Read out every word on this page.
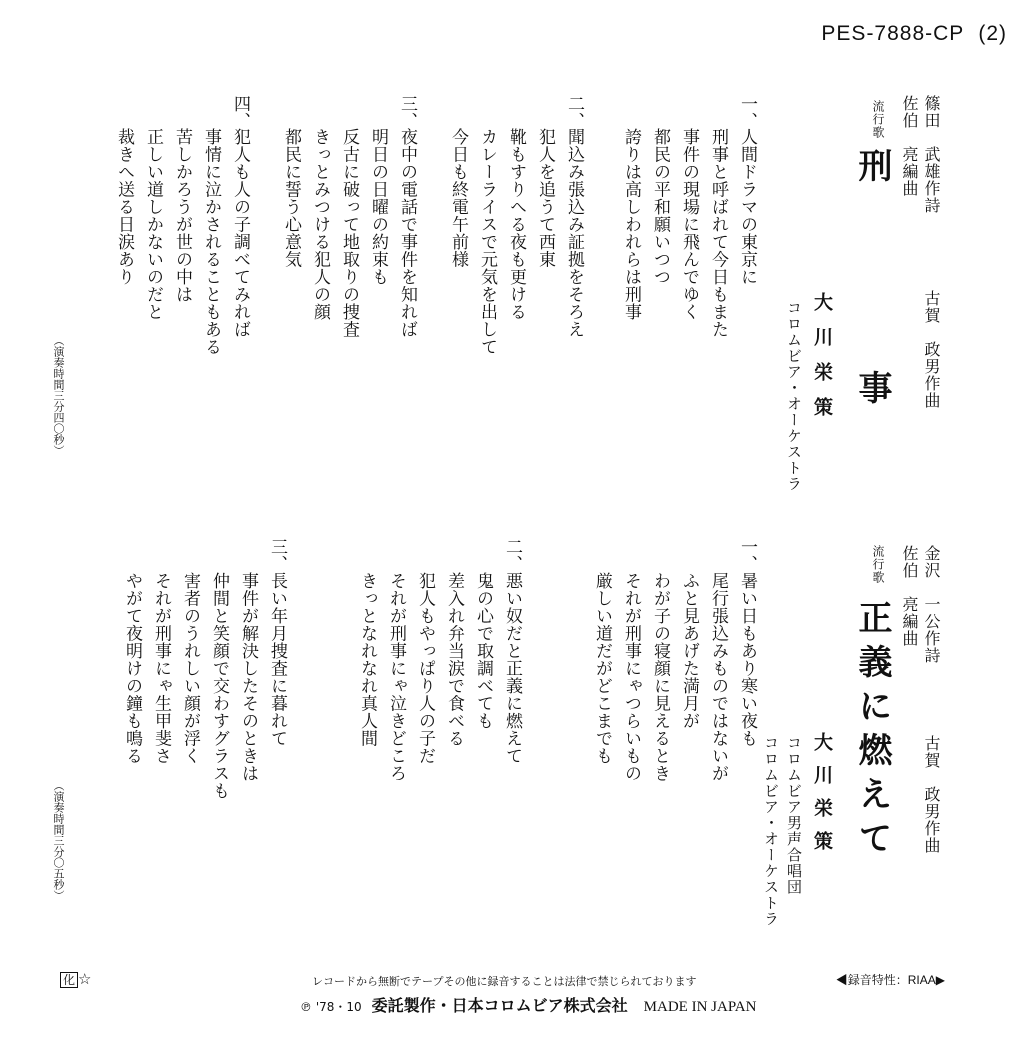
PES-7888-CP (2)
篠田　武雄作詩
佐伯　亮編曲
古賀　政男作曲
流行歌
刑　　事
大川栄策
コロムビア・オーケストラ
一、
人間ドラマの東京に
刑事と呼ばれて今日もまた
事件の現場に飛んでゆく
都民の平和願いつつ
誇りは高しわれらは刑事
二、
聞込み張込み証拠をそろえ
犯人を追うて西東
靴もすりへる夜も更ける
カレーライスで元気を出して
今日も終電午前様
三、
夜中の電話で事件を知れば
明日の日曜の約束も
反古に破って地取りの捜査
きっとみつける犯人の顔
都民に誓う心意気
四、
犯人も人の子調べてみれば
事情に泣かされることもある
苦しかろうが世の中は
正しい道しかないのだと
裁きへ送る日涙あり
（演奏時間三分四〇秒）
金沢　一公作詩
佐伯　亮編曲
古賀　政男作曲
流行歌
正義に燃えて
大川栄策
コロムビア男声合唱団
コロムビア・オーケストラ
一、
暑い日もあり寒い夜も
尾行張込みものではないが
ふと見あげた満月が
わが子の寝顔に見えるとき
それが刑事にゃつらいもの
厳しい道だがどこまでも
二、
悪い奴だと正義に燃えて
鬼の心で取調べても
差入れ弁当涙で食べる
犯人もやっぱり人の子だ
それが刑事にゃ泣きどころ
きっとなれなれ真人間
三、
長い年月捜査に暮れて
事件が解決したそのときは
仲間と笑顔で交わすグラスも
害者のうれしい顔が浮く
それが刑事にゃ生甲斐さ
やがて夜明けの鐘も鳴る
（演奏時間三分〇五秒）
化 ☆	レコードから無断でテープその他に録音することは法律で禁じられております	◀録音特性：RIAA▶
℗ '78・10 委託製作・日本コロムビア株式会社 MADE IN JAPAN
